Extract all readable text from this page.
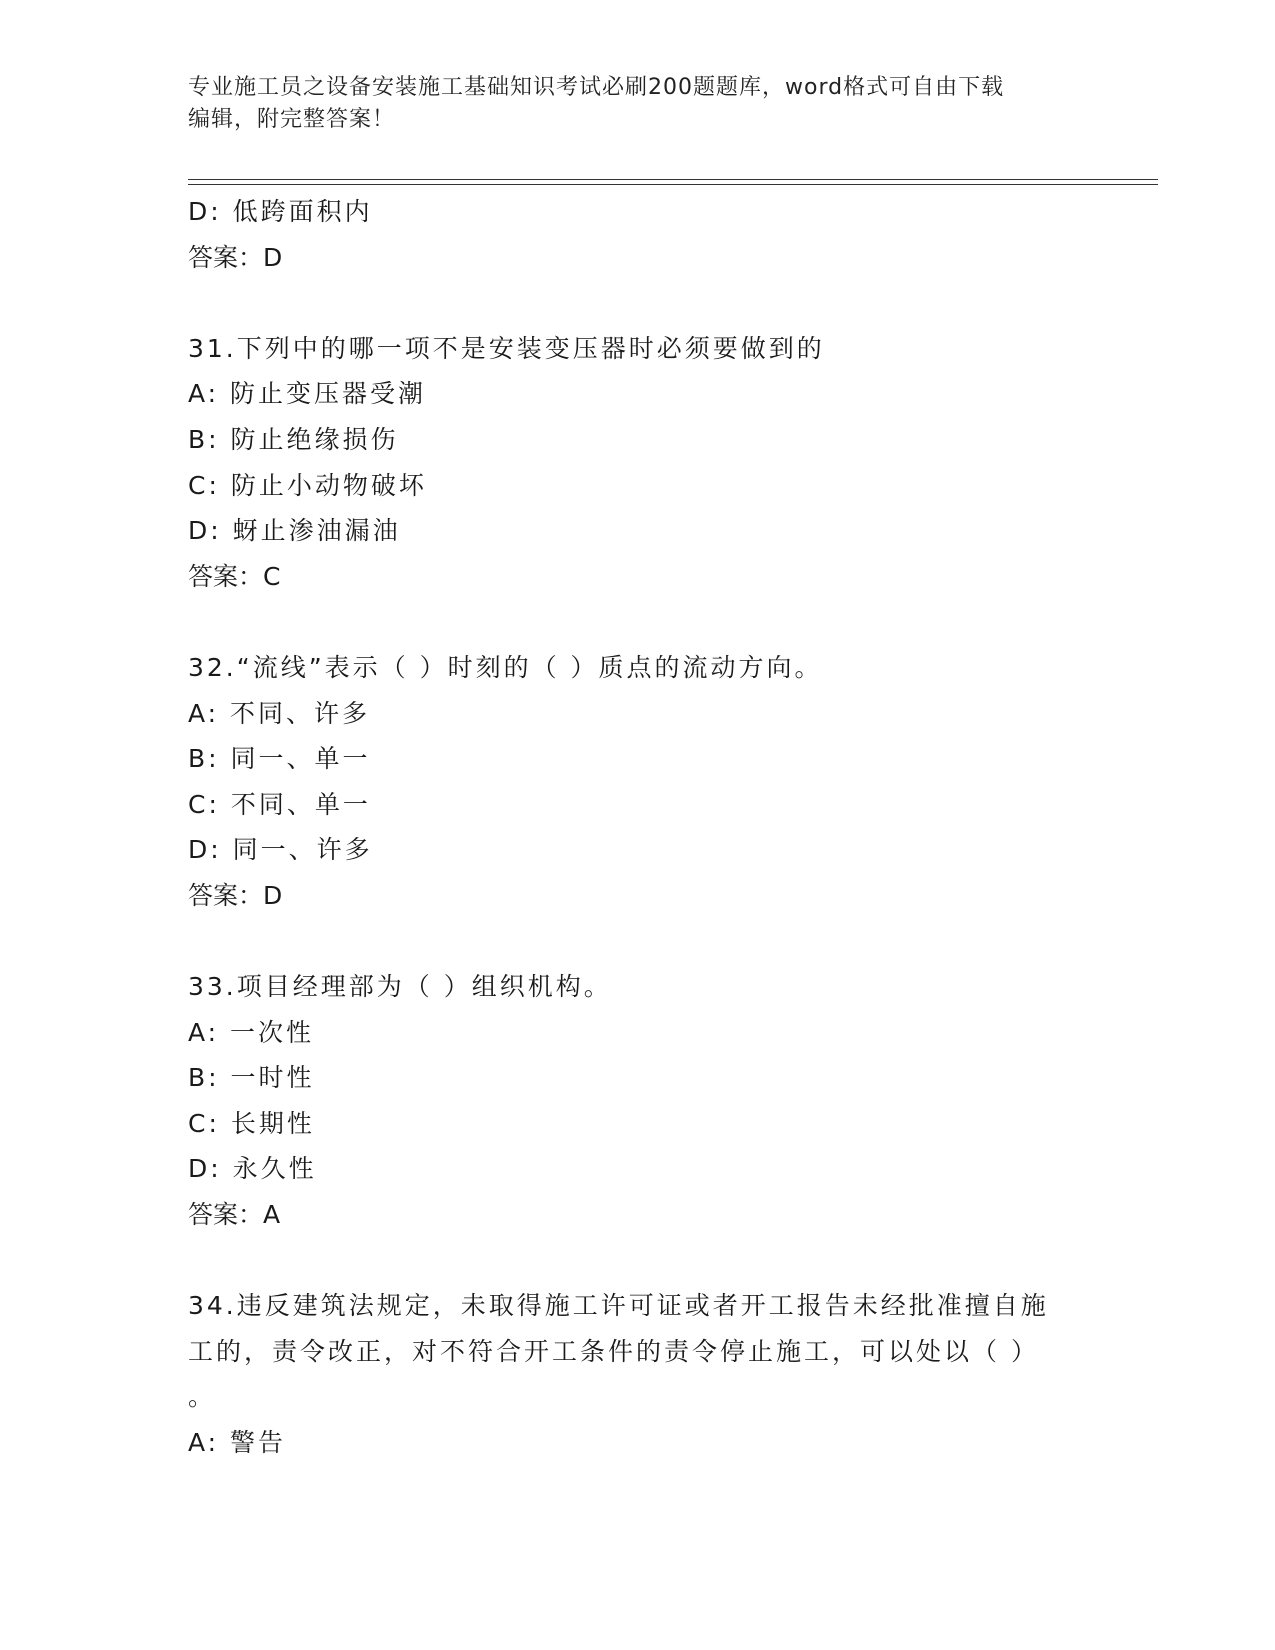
专业施工员之设备安装施工基础知识考试必刷200题题库，word格式可自由下载
编辑，附完整答案！
D: 低跨面积内
答案：D
31.下列中的哪一项不是安装变压器时必须要做到的
A: 防止变压器受潮
B: 防止绝缘损伤
C: 防止小动物破坏
D: 蚜止渗油漏油
答案：C
32.“流线”表示（ ）时刻的（ ）质点的流动方向。
A: 不同、许多
B: 同一、单一
C: 不同、单一
D: 同一、许多
答案：D
33.项目经理部为（ ）组织机构。
A: 一次性
B: 一时性
C: 长期性
D: 永久性
答案：A
34.违反建筑法规定，未取得施工许可证或者开工报告未经批准擅自施
工的，责令改正，对不符合开工条件的责令停止施工，可以处以（ ）
。
A: 警告
